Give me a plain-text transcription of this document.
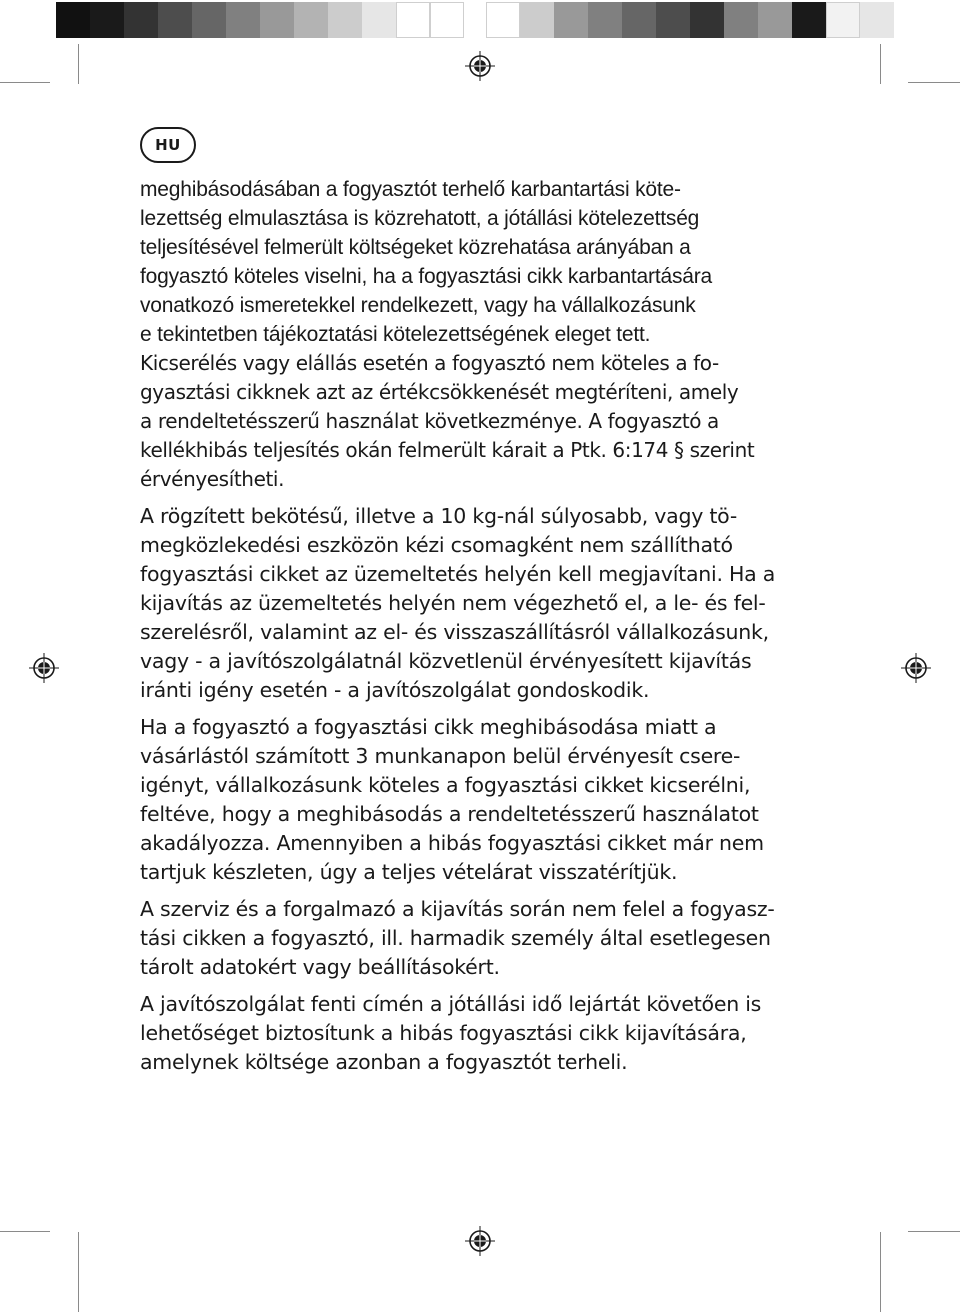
HU
meghibásodásában a fogyasztót terhelő karbantartási köte-
lezettség elmulasztása is közrehatott, a jótállási kötelezettség
teljesítésével felmerült költségeket közrehatása arányában a
fogyasztó köteles viselni, ha a fogyasztási cikk karbantartására
vonatkozó ismeretekkel rendelkezett, vagy ha vállalkozásunk
e tekintetben tájékoztatási kötelezettségének eleget tett.
Kicserélés vagy elállás esetén a fogyasztó nem köteles a fo-
gyasztási cikknek azt az értékcsökkenését megtéríteni, amely
a rendeltetésszerű használat következménye. A fogyasztó a
kellékhibás teljesítés okán felmerült kárait a Ptk. 6:174 § szerint
érvényesítheti.
A rögzített bekötésű, illetve a 10 kg-nál súlyosabb, vagy tö-
megközlekedési eszközön kézi csomagként nem szállítható
fogyasztási cikket az üzemeltetés helyén kell megjavítani. Ha a
kijavítás az üzemeltetés helyén nem végezhető el, a le- és fel-
szerelésről, valamint az el- és visszaszállításról vállalkozásunk,
vagy - a javítószolgálatnál közvetlenül érvényesített kijavítás
iránti igény esetén - a javítószolgálat gondoskodik.
Ha a fogyasztó a fogyasztási cikk meghibásodása miatt a
vásárlástól számított 3 munkanapon belül érvényesít csere-
igényt, vállalkozásunk köteles a fogyasztási cikket kicserélni,
feltéve, hogy a meghibásodás a rendeltetésszerű használatot
akadályozza. Amennyiben a hibás fogyasztási cikket már nem
tartjuk készleten, úgy a teljes vételárat visszatérítjük.
A szerviz és a forgalmazó a kijavítás során nem felel a fogyasz-
tási cikken a fogyasztó, ill. harmadik személy által esetlegesen
tárolt adatokért vagy beállításokért.
A javítószolgálat fenti címén a jótállási idő lejártát követően is
lehetőséget biztosítunk a hibás fogyasztási cikk kijavítására,
amelynek költsége azonban a fogyasztót terheli.
